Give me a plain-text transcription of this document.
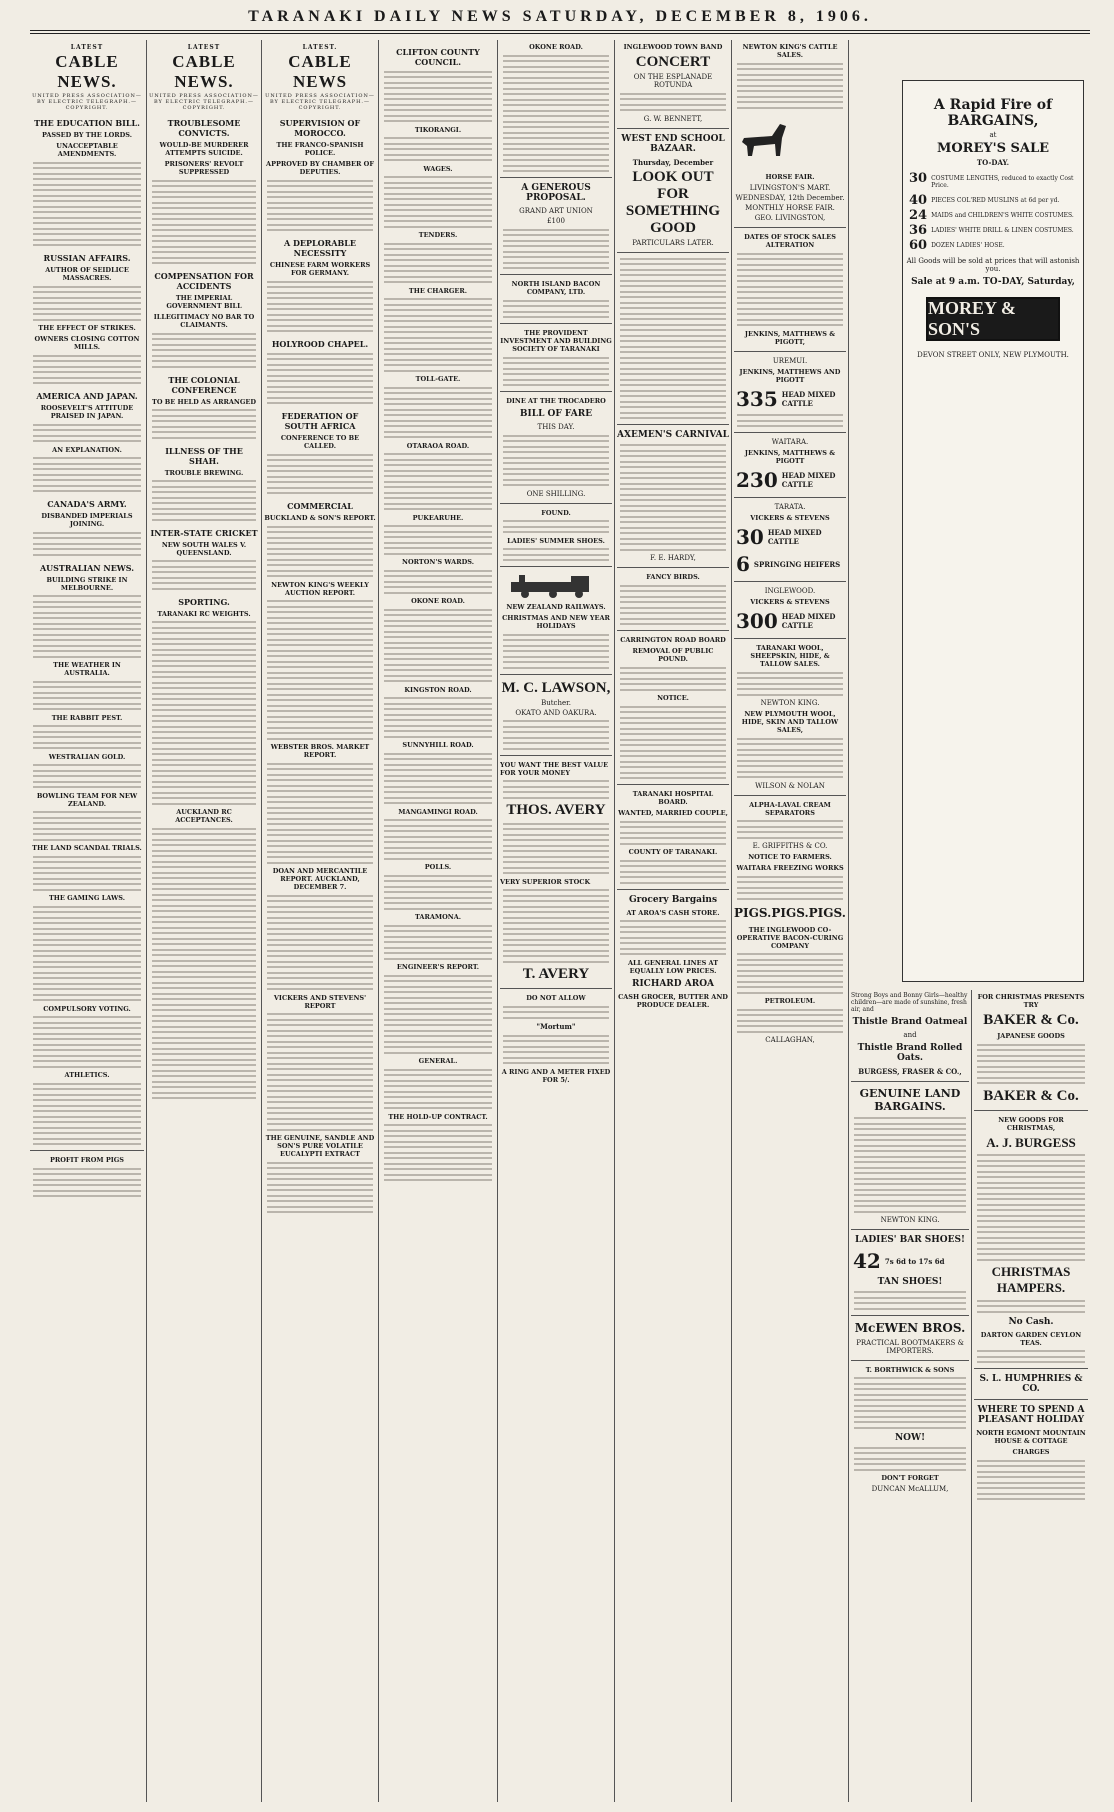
TARANAKI DAILY NEWS SATURDAY, DECEMBER 8, 1906.
LATEST
CABLE NEWS.
UNITED PRESS ASSOCIATION—BY ELECTRIC TELEGRAPH.—COPYRIGHT.
THE EDUCATION BILL.
PASSED BY THE LORDS.
UNACCEPTABLE AMENDMENTS.
RUSSIAN AFFAIRS.
AUTHOR OF SEIDLICE MASSACRES.
THE EFFECT OF STRIKES.
OWNERS CLOSING COTTON MILLS.
AMERICA AND JAPAN.
ROOSEVELT'S ATTITUDE PRAISED IN JAPAN.
AN EXPLANATION.
CANADA'S ARMY.
DISBANDED IMPERIALS JOINING.
AUSTRALIAN NEWS.
BUILDING STRIKE IN MELBOURNE.
THE WEATHER IN AUSTRALIA.
THE RABBIT PEST.
WESTRALIAN GOLD.
BOWLING TEAM FOR NEW ZEALAND.
THE LAND SCANDAL TRIALS.
THE GAMING LAWS.
COMPULSORY VOTING.
ATHLETICS.
PROFIT FROM PIGS
LATEST
CABLE NEWS.
UNITED PRESS ASSOCIATION—BY ELECTRIC TELEGRAPH.—COPYRIGHT.
TROUBLESOME CONVICTS.
WOULD-BE MURDERER ATTEMPTS SUICIDE.
PRISONERS' REVOLT SUPPRESSED
COMPENSATION FOR ACCIDENTS
THE IMPERIAL GOVERNMENT BILL
ILLEGITIMACY NO BAR TO CLAIMANTS.
THE COLONIAL CONFERENCE
TO BE HELD AS ARRANGED
ILLNESS OF THE SHAH.
TROUBLE BREWING.
INTER-STATE CRICKET
NEW SOUTH WALES V. QUEENSLAND.
SPORTING.
TARANAKI RC WEIGHTS.
AUCKLAND RC ACCEPTANCES.
LATEST.
CABLE NEWS
UNITED PRESS ASSOCIATION—BY ELECTRIC TELEGRAPH.—COPYRIGHT.
SUPERVISION OF MOROCCO.
THE FRANCO-SPANISH POLICE.
APPROVED BY CHAMBER OF DEPUTIES.
A DEPLORABLE NECESSITY
CHINESE FARM WORKERS FOR GERMANY.
HOLYROOD CHAPEL.
FEDERATION OF SOUTH AFRICA
CONFERENCE TO BE CALLED.
COMMERCIAL
BUCKLAND & SON'S REPORT.
NEWTON KING'S WEEKLY AUCTION REPORT.
WEBSTER BROS. MARKET REPORT.
DOAN AND MERCANTILE REPORT. AUCKLAND, DECEMBER 7.
VICKERS AND STEVENS' REPORT
THE GENUINE, SANDLE AND SON'S PURE VOLATILE EUCALYPTI EXTRACT
CLIFTON COUNTY COUNCIL.
TIKORANGI.
WAGES.
TENDERS.
THE CHARGER.
TOLL-GATE.
OTARAOA ROAD.
PUKEARUHE.
NORTON'S WARDS.
OKONE ROAD.
KINGSTON ROAD.
SUNNYHILL ROAD.
MANGAMINGI ROAD.
POLLS.
TARAMONA.
ENGINEER'S REPORT.
GENERAL.
THE HOLD-UP CONTRACT.
OKONE ROAD.
A GENEROUS PROPOSAL.
GRAND ART UNION
£100
NORTH ISLAND BACON COMPANY, LTD.
THE PROVIDENT INVESTMENT AND BUILDING SOCIETY OF TARANAKI
DINE AT THE TROCADERO
BILL OF FARE
THIS DAY.
ONE SHILLING.
FOUND.
LADIES' SUMMER SHOES.
NEW ZEALAND RAILWAYS.
CHRISTMAS AND NEW YEAR HOLIDAYS
M. C. LAWSON,
Butcher.
OKATO AND OAKURA.
YOU WANT THE BEST VALUE FOR YOUR MONEY
THOS. AVERY
VERY SUPERIOR STOCK
T. AVERY
DO NOT ALLOW
"Mortum"
A RING AND A METER FIXED FOR 5/.
INGLEWOOD TOWN BAND
CONCERT
ON THE ESPLANADE ROTUNDA
G. W. BENNETT,
WEST END SCHOOL BAZAAR.
Thursday, December
LOOK OUT FOR SOMETHING GOOD
PARTICULARS LATER.
AXEMEN'S CARNIVAL
F. E. HARDY,
FANCY BIRDS.
CARRINGTON ROAD BOARD
REMOVAL OF PUBLIC POUND.
NOTICE.
TARANAKI HOSPITAL BOARD.
WANTED, MARRIED COUPLE,
COUNTY OF TARANAKI.
Grocery Bargains
AT AROA'S CASH STORE.
ALL GENERAL LINES AT EQUALLY LOW PRICES.
RICHARD AROA
CASH GROCER, BUTTER AND PRODUCE DEALER.
NEWTON KING'S CATTLE SALES.
HORSE FAIR.
LIVINGSTON'S MART.
WEDNESDAY, 12th December.
MONTHLY HORSE FAIR.
GEO. LIVINGSTON,
DATES OF STOCK SALES ALTERATION
JENKINS, MATTHEWS & PIGOTT,
UREMUI.
JENKINS, MATTHEWS AND PIGOTT
335 HEAD MIXED CATTLE
WAITARA.
JENKINS, MATTHEWS & PIGOTT
230 HEAD MIXED CATTLE
TARATA.
VICKERS & STEVENS
30 HEAD MIXED CATTLE
6 SPRINGING HEIFERS
INGLEWOOD.
VICKERS & STEVENS
300 HEAD MIXED CATTLE
TARANAKI WOOL, SHEEPSKIN, HIDE, & TALLOW SALES.
NEWTON KING.
NEW PLYMOUTH WOOL, HIDE, SKIN AND TALLOW SALES,
WILSON & NOLAN
ALPHA-LAVAL CREAM SEPARATORS
E. GRIFFITHS & CO.
NOTICE TO FARMERS.
WAITARA FREEZING WORKS
PIGS. PIGS. PIGS.
THE INGLEWOOD CO-OPERATIVE BACON-CURING COMPANY
PETROLEUM.
CALLAGHAN,
A Rapid Fire of BARGAINS,
at
MOREY'S SALE
TO-DAY.
30 COSTUME LENGTHS, reduced to exactly Cost Price.
40 PIECES COL'RED MUSLINS at 6d per yd.
24 MAIDS and CHILDREN'S WHITE COSTUMES.
36 LADIES' WHITE DRILL & LINEN COSTUMES.
60 DOZEN LADIES' HOSE.
All Goods will be sold at prices that will astonish you.
Sale at 9 a.m. TO-DAY, Saturday,
MOREY & SON'S
DEVON STREET ONLY, NEW PLYMOUTH.
Strong Boys and Bonny Girls—healthy children—are made of sunshine, fresh air, and
Thistle Brand Oatmeal
and
Thistle Brand Rolled Oats.
BURGESS, FRASER & CO.,
GENUINE LAND BARGAINS.
NEWTON KING.
LADIES' BAR SHOES!
42 7s 6d to 17s 6d
TAN SHOES!
McEWEN BROS.
PRACTICAL BOOTMAKERS & IMPORTERS.
T. BORTHWICK & SONS
NOW!
DON'T FORGET
DUNCAN McALLUM,
FOR CHRISTMAS PRESENTS TRY
BAKER & Co.
JAPANESE GOODS
BAKER & Co.
NEW GOODS FOR CHRISTMAS,
A. J. BURGESS
CHRISTMAS HAMPERS.
No Cash.
DARTON GARDEN CEYLON TEAS.
S. L. HUMPHRIES & CO.
WHERE TO SPEND A PLEASANT HOLIDAY
NORTH EGMONT MOUNTAIN HOUSE & COTTAGE
CHARGES
